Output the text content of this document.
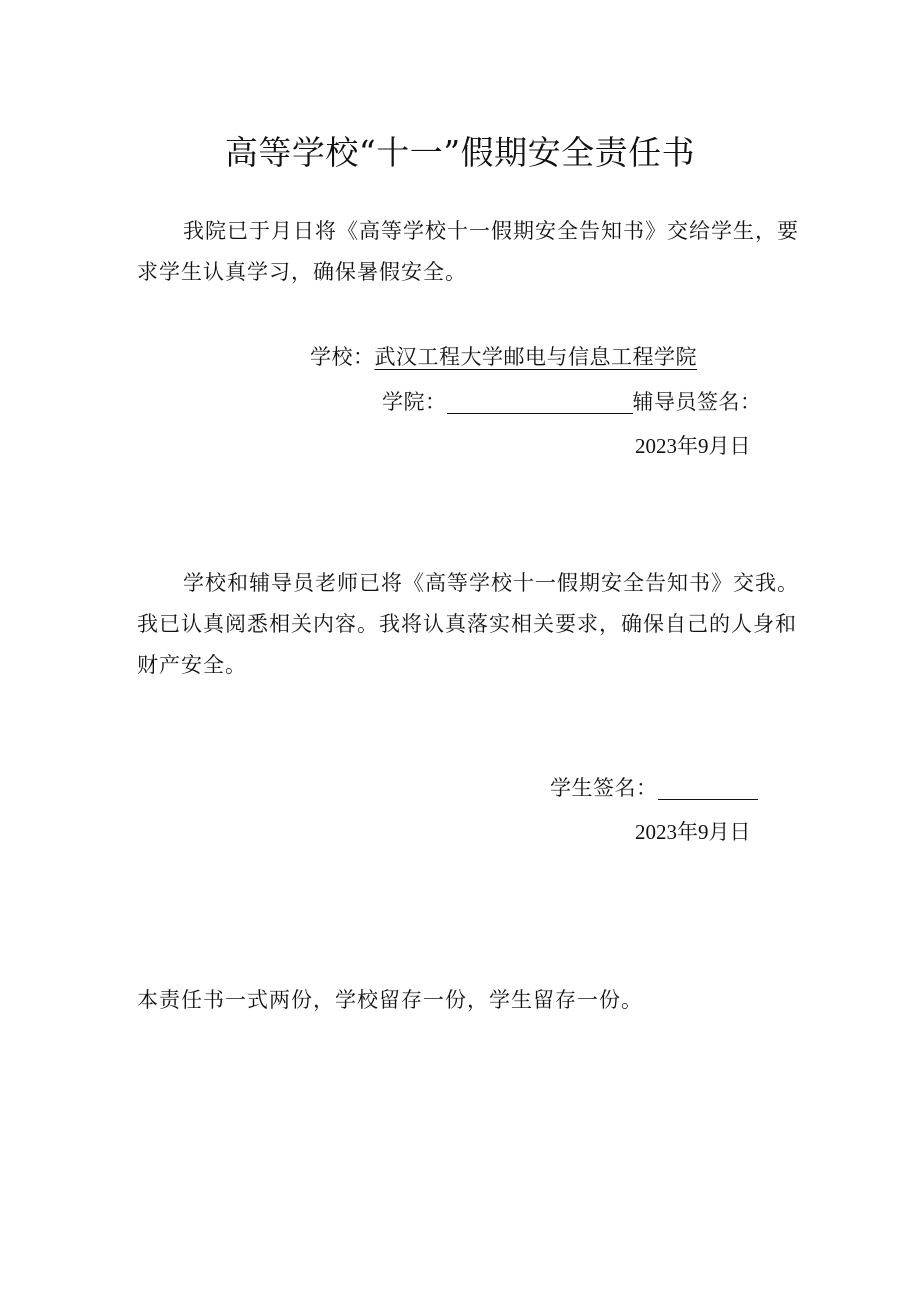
高等学校“十一”假期安全责任书
我院已于月日将《高等学校十一假期安全告知书》交给学生，要求学生认真学习，确保暑假安全。
学校：武汉工程大学邮电与信息工程学院
学院：	辅导员签名：
2023年9月日
学校和辅导员老师已将《高等学校十一假期安全告知书》交我。我已认真阅悉相关内容。我将认真落实相关要求，确保自己的人身和财产安全。
学生签名：
2023年9月日
本责任书一式两份，学校留存一份，学生留存一份。
